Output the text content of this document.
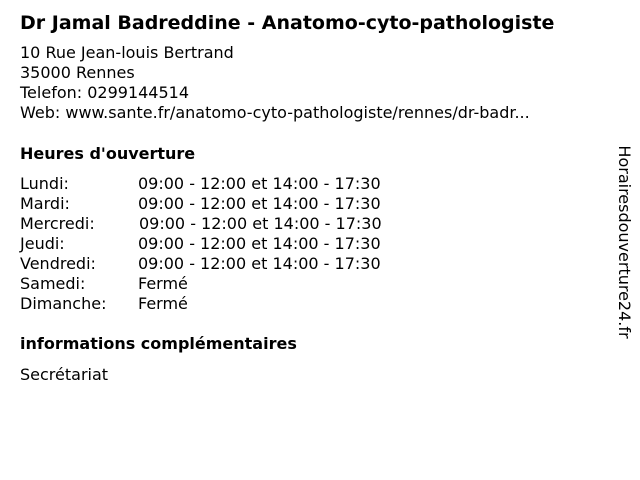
Dr Jamal Badreddine - Anatomo-cyto-pathologiste
10 Rue Jean-louis Bertrand
35000 Rennes
Telefon: 0299144514
Web: www.sante.fr/anatomo-cyto-pathologiste/rennes/dr-badr...
Heures d'ouverture
Lundi:	09:00 - 12:00 et 14:00 - 17:30
Mardi:	09:00 - 12:00 et 14:00 - 17:30
Mercredi:	09:00 - 12:00 et 14:00 - 17:30
Jeudi:	09:00 - 12:00 et 14:00 - 17:30
Vendredi:	09:00 - 12:00 et 14:00 - 17:30
Samedi:	Fermé
Dimanche: Fermé
informations complémentaires
Secrétariat
Horairesdouverture24.fr
